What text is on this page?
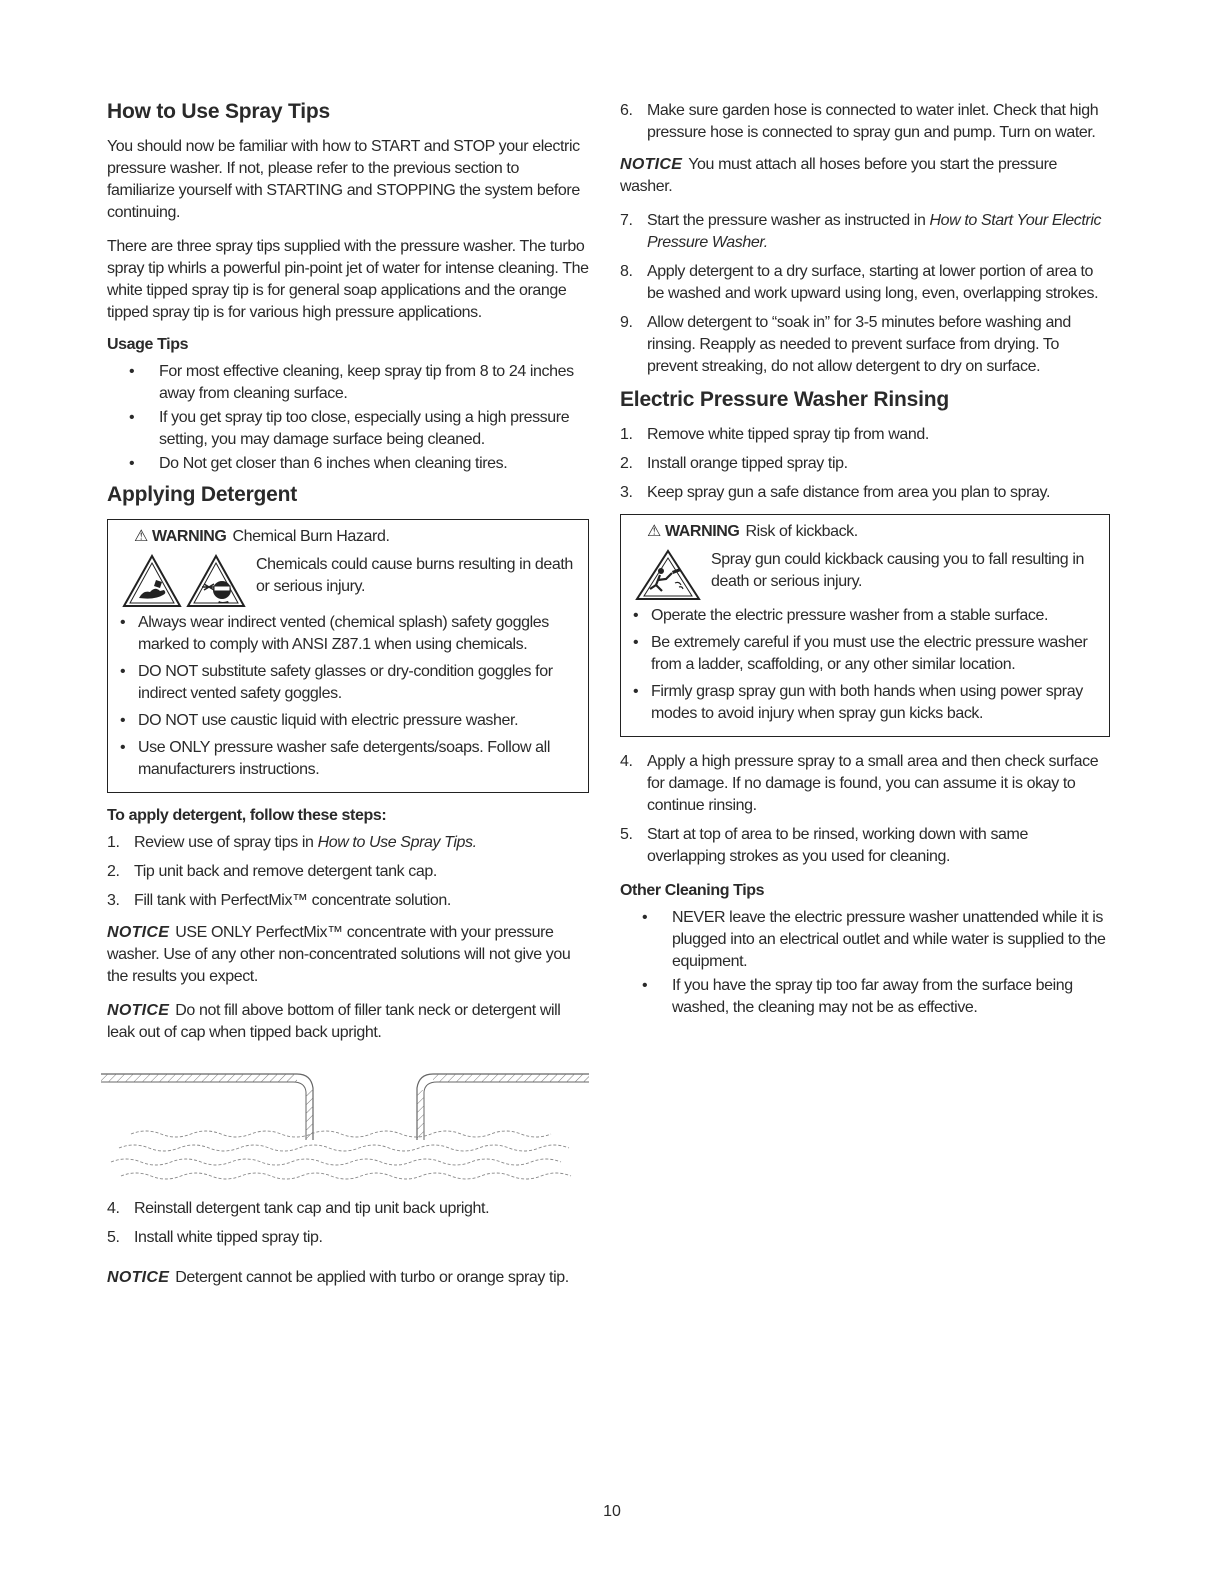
How to Use Spray Tips

You should now be familiar with how to START and STOP your electric pressure washer. If not, please refer to the previous section to familiarize yourself with STARTING and STOPPING the system before continuing.

There are three spray tips supplied with the pressure washer. The turbo spray tip whirls a powerful pin-point jet of water for intense cleaning. The white tipped spray tip is for general soap applications and the orange tipped spray tip is for various high pressure applications.

Usage Tips
• For most effective cleaning, keep spray tip from 8 to 24 inches away from cleaning surface.
• If you get spray tip too close, especially using a high pressure setting, you may damage surface being cleaned.
• Do Not get closer than 6 inches when cleaning tires.
Applying Detergent
⚠ WARNING Chemical Burn Hazard.
Chemicals could cause burns resulting in death or serious injury.
• Always wear indirect vented (chemical splash) safety goggles marked to comply with ANSI Z87.1 when using chemicals.
• DO NOT substitute safety glasses or dry-condition goggles for indirect vented safety goggles.
• DO NOT use caustic liquid with electric pressure washer.
• Use ONLY pressure washer safe detergents/soaps. Follow all manufacturers instructions.
To apply detergent, follow these steps:
1. Review use of spray tips in How to Use Spray Tips.
2. Tip unit back and remove detergent tank cap.
3. Fill tank with PerfectMix™ concentrate solution.

NOTICE USE ONLY PerfectMix™ concentrate with your pressure washer. Use of any other non-concentrated solutions will not give you the results you expect.

NOTICE Do not fill above bottom of filler tank neck or detergent will leak out of cap when tipped back upright.

4. Reinstall detergent tank cap and tip unit back upright.
5. Install white tipped spray tip.

NOTICE Detergent cannot be applied with turbo or orange spray tip.

6. Make sure garden hose is connected to water inlet. Check that high pressure hose is connected to spray gun and pump. Turn on water.

NOTICE You must attach all hoses before you start the pressure washer.

7. Start the pressure washer as instructed in How to Start Your Electric Pressure Washer.
8. Apply detergent to a dry surface, starting at lower portion of area to be washed and work upward using long, even, overlapping strokes.
9. Allow detergent to “soak in” for 3-5 minutes before washing and rinsing. Reapply as needed to prevent surface from drying. To prevent streaking, do not allow detergent to dry on surface.
Electric Pressure Washer Rinsing
1. Remove white tipped spray tip from wand.
2. Install orange tipped spray tip.
3. Keep spray gun a safe distance from area you plan to spray.
⚠ WARNING Risk of kickback.
Spray gun could kickback causing you to fall resulting in death or serious injury.
• Operate the electric pressure washer from a stable surface.
• Be extremely careful if you must use the electric pressure washer from a ladder, scaffolding, or any other similar location.
• Firmly grasp spray gun with both hands when using power spray modes to avoid injury when spray gun kicks back.
4. Apply a high pressure spray to a small area and then check surface for damage. If no damage is found, you can assume it is okay to continue rinsing.
5. Start at top of area to be rinsed, working down with same overlapping strokes as you used for cleaning.
Other Cleaning Tips
• NEVER leave the electric pressure washer unattended while it is plugged into an electrical outlet and while water is supplied to the equipment.
• If you have the spray tip too far away from the surface being washed, the cleaning may not be as effective.
10
